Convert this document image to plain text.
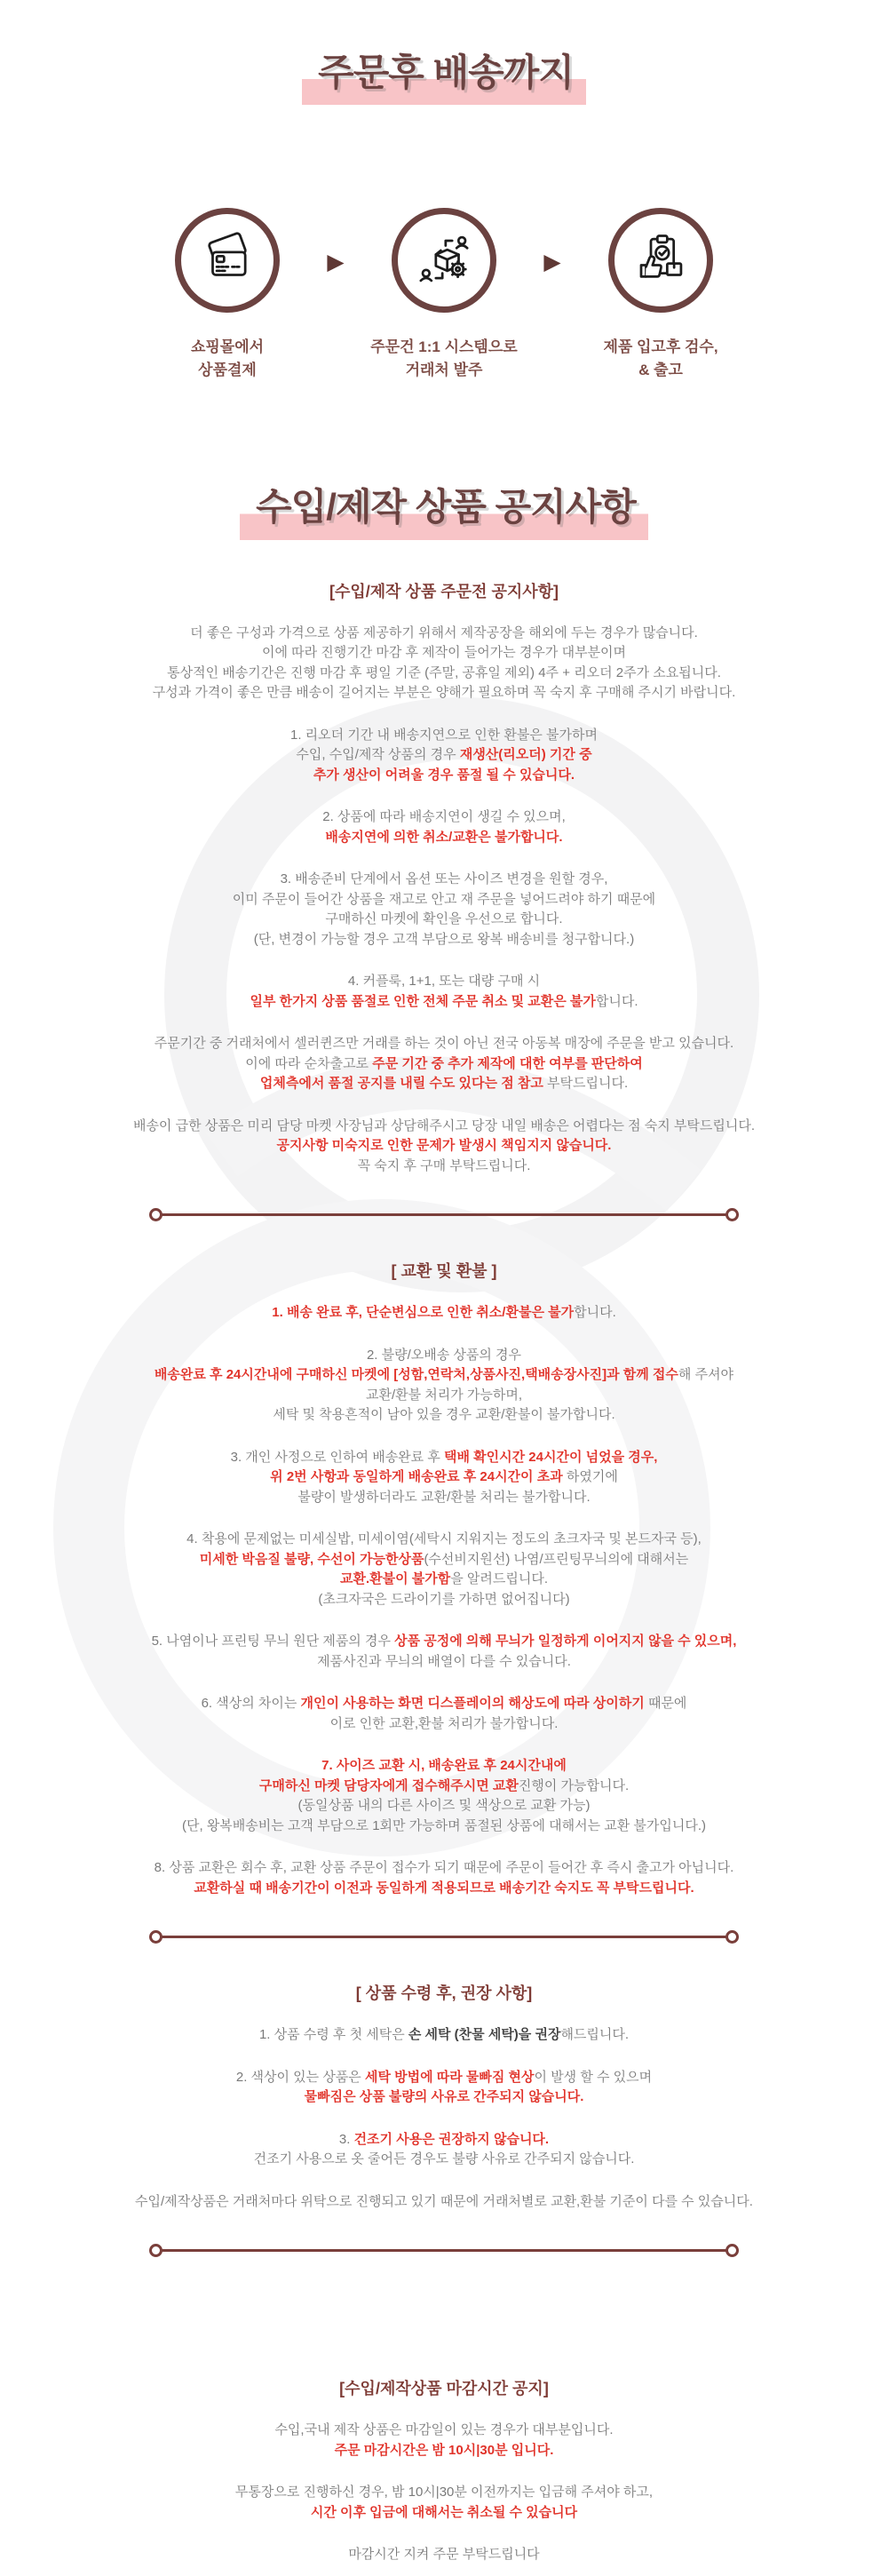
주문후 배송까지
쇼핑몰에서
상품결제
▶
주문건 1:1 시스템으로
거래처 발주
▶
제품 입고후 검수,
& 출고
수입/제작 상품 공지사항
[수입/제작 상품 주문전 공지사항]

더 좋은 구성과 가격으로 상품 제공하기 위해서 제작공장을 해외에 두는 경우가 많습니다.
이에 따라 진행기간 마감 후 제작이 들어가는 경우가 대부분이며
통상적인 배송기간은 진행 마감 후 평일 기준 (주말, 공휴일 제외) 4주 + 리오더 2주가 소요됩니다.
구성과 가격이 좋은 만큼 배송이 길어지는 부분은 양해가 필요하며 꼭 숙지 후 구매해 주시기 바랍니다.

1. 리오더 기간 내 배송지연으로 인한 환불은 불가하며
수입, 수입/제작 상품의 경우 재생산(리오더) 기간 중
추가 생산이 어려울 경우 품절 될 수 있습니다.

2. 상품에 따라 배송지연이 생길 수 있으며,
배송지연에 의한 취소/교환은 불가합니다.

3. 배송준비 단계에서 옵션 또는 사이즈 변경을 원할 경우,
이미 주문이 들어간 상품을 재고로 안고 재 주문을 넣어드려야 하기 때문에
구매하신 마켓에 확인을 우선으로 합니다.
(단, 변경이 가능할 경우 고객 부담으로 왕복 배송비를 청구합니다.)

4. 커플룩, 1+1, 또는 대량 구매 시
일부 한가지 상품 품절로 인한 전체 주문 취소 및 교환은 불가합니다.

주문기간 중 거래처에서 셀러퀸즈만 거래를 하는 것이 아닌 전국 아동복 매장에 주문을 받고 있습니다.
이에 따라 순차출고로 주문 기간 중 추가 제작에 대한 여부를 판단하여
업체측에서 품절 공지를 내릴 수도 있다는 점 참고 부탁드립니다.

배송이 급한 상품은 미리 담당 마켓 사장님과 상담해주시고 당장 내일 배송은 어렵다는 점 숙지 부탁드립니다.
공지사항 미숙지로 인한 문제가 발생시 책임지지 않습니다.
꼭 숙지 후 구매 부탁드립니다.

[ 교환 및 환불 ]

1. 배송 완료 후, 단순변심으로 인한 취소/환불은 불가합니다.

2. 불량/오배송 상품의 경우
배송완료 후 24시간내에 구매하신 마켓에 [성함,연락처,상품사진,택배송장사진]과 함께 접수해 주셔야
교환/환불 처리가 가능하며,
세탁 및 착용흔적이 남아 있을 경우 교환/환불이 불가합니다.

3. 개인 사정으로 인하여 배송완료 후 택배 확인시간 24시간이 넘었을 경우,
위 2번 사항과 동일하게 배송완료 후 24시간이 초과 하였기에
불량이 발생하더라도 교환/환불 처리는 불가합니다.

4. 착용에 문제없는 미세실밥, 미세이염(세탁시 지워지는 정도의 초크자국 및 본드자국 등),
미세한 박음질 불량, 수선이 가능한상품(수선비지원선) 나염/프린팅무늬의에 대해서는
교환.환불이 불가함을 알려드립니다.
(초크자국은 드라이기를 가하면 없어집니다)

5. 나염이나 프린팅 무늬 원단 제품의 경우 상품 공정에 의해 무늬가 일정하게 이어지지 않을 수 있으며,
제품사진과 무늬의 배열이 다를 수 있습니다.

6. 색상의 차이는 개인이 사용하는 화면 디스플레이의 해상도에 따라 상이하기 때문에
이로 인한 교환,환불 처리가 불가합니다.

7. 사이즈 교환 시, 배송완료 후 24시간내에
구매하신 마켓 담당자에게 접수해주시면 교환진행이 가능합니다.
(동일상품 내의 다른 사이즈 및 색상으로 교환 가능)
(단, 왕복배송비는 고객 부담으로 1회만 가능하며 품절된 상품에 대해서는 교환 불가입니다.)

8. 상품 교환은 회수 후, 교환 상품 주문이 접수가 되기 때문에 주문이 들어간 후 즉시 출고가 아닙니다.
교환하실 때 배송기간이 이전과 동일하게 적용되므로 배송기간 숙지도 꼭 부탁드립니다.

[ 상품 수령 후, 권장 사항]

1. 상품 수령 후 첫 세탁은 손 세탁 (찬물 세탁)을 권장해드립니다.

2. 색상이 있는 상품은 세탁 방법에 따라 물빠짐 현상이 발생 할 수 있으며
물빠짐은 상품 불량의 사유로 간주되지 않습니다.

3. 건조기 사용은 권장하지 않습니다.
건조기 사용으로 옷 줄어든 경우도 불량 사유로 간주되지 않습니다.

수입/제작상품은 거래처마다 위탁으로 진행되고 있기 때문에 거래처별로 교환,환불 기준이 다를 수 있습니다.

[수입/제작상품 마감시간 공지]

수입,국내 제작 상품은 마감일이 있는 경우가 대부분입니다.
주문 마감시간은 밤 10시|30분 입니다.

무통장으로 진행하신 경우, 밤 10시|30분 이전까지는 입금해 주셔야 하고,
시간 이후 입금에 대해서는 취소될 수 있습니다

마감시간 지켜 주문 부탁드립니다
